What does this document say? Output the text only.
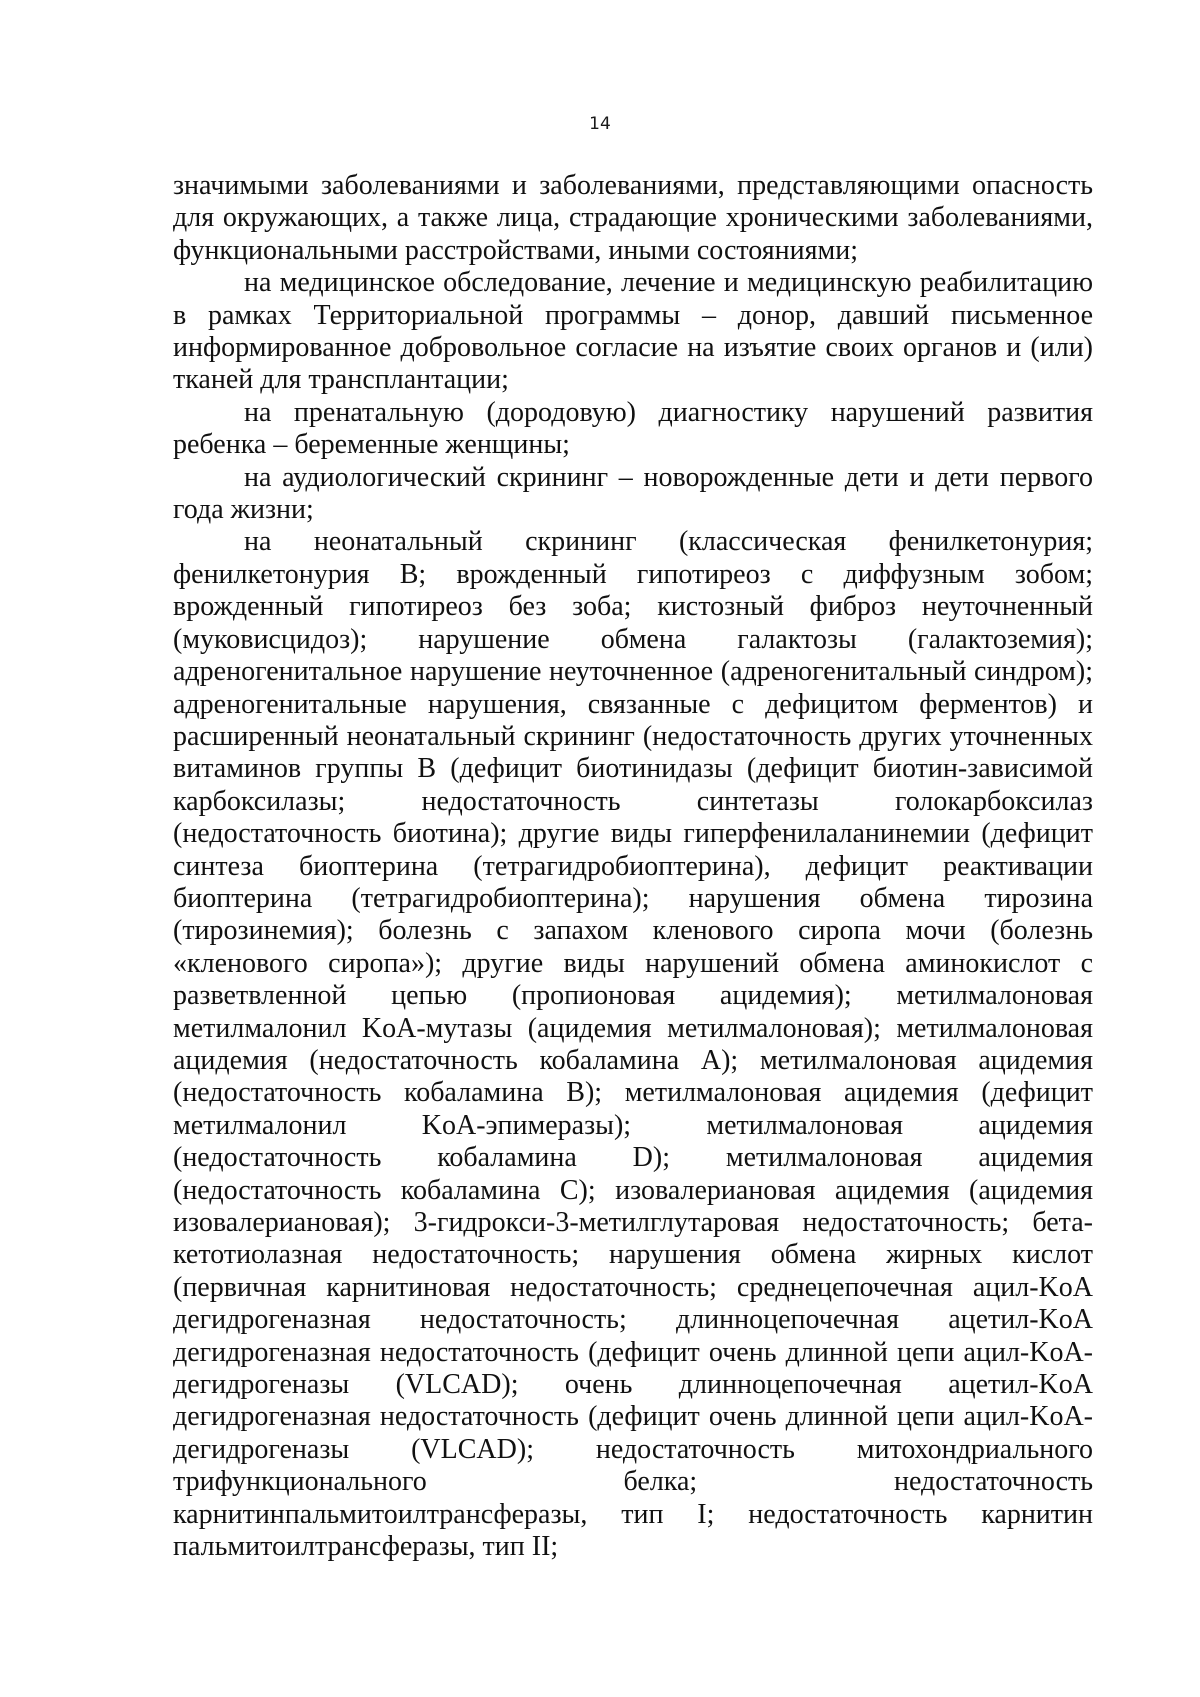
14

значимыми заболеваниями и заболеваниями, представляющими опасность для окружающих, а также лица, страдающие хроническими заболеваниями, функциональными расстройствами, иными состояниями;

на медицинское обследование, лечение и медицинскую реабилитацию в рамках Территориальной программы – донор, давший письменное информированное добровольное согласие на изъятие своих органов и (или) тканей для трансплантации;

на пренатальную (дородовую) диагностику нарушений развития ребенка – беременные женщины;

на аудиологический скрининг – новорожденные дети и дети первого года жизни;

на неонатальный скрининг (классическая фенилкетонурия; фенилкетонурия B; врожденный гипотиреоз с диффузным зобом; врожденный гипотиреоз без зоба; кистозный фиброз неуточненный (муковисцидоз); нарушение обмена галактозы (галактоземия); адреногенитальное нарушение неуточненное (адреногенитальный синдром); адреногенитальные нарушения, связанные с дефицитом ферментов) и расширенный неонатальный скрининг (недостаточность других уточненных витаминов группы B (дефицит биотинидазы (дефицит биотин-зависимой карбоксилазы; недостаточность синтетазы голокарбоксилаз (недостаточность биотина); другие виды гиперфенилаланинемии (дефицит синтеза биоптерина (тетрагидробиоптерина), дефицит реактивации биоптерина (тетрагидробиоптерина); нарушения обмена тирозина (тирозинемия); болезнь с запахом кленового сиропа мочи (болезнь «кленового сиропа»); другие виды нарушений обмена аминокислот с разветвленной цепью (пропионовая ацидемия); метилмалоновая метилмалонил KoA-мутазы (ацидемия метилмалоновая); метилмалоновая ацидемия (недостаточность кобаламина A); метилмалоновая ацидемия (недостаточность кобаламина B); метилмалоновая ацидемия (дефицит метилмалонил KoA-эпимеразы); метилмалоновая ацидемия (недостаточность кобаламина D); метилмалоновая ацидемия (недостаточность кобаламина C); изовалериановая ацидемия (ацидемия изовалериановая); 3-гидрокси-3-метилглутаровая недостаточность; бета-кетотиолазная недостаточность; нарушения обмена жирных кислот (первичная карнитиновая недостаточность; среднецепочечная ацил-KoA дегидрогеназная недостаточность; длинноцепочечная ацетил-KoA дегидрогеназная недостаточность (дефицит очень длинной цепи ацил-KoA-дегидрогеназы (VLCAD); очень длинноцепочечная ацетил-KoA дегидрогеназная недостаточность (дефицит очень длинной цепи ацил-KoA-дегидрогеназы (VLCAD); недостаточность митохондриального трифункционального белка; недостаточность карнитинпальмитоилтрансферазы, тип I; недостаточность карнитин пальмитоилтрансферазы, тип II;
